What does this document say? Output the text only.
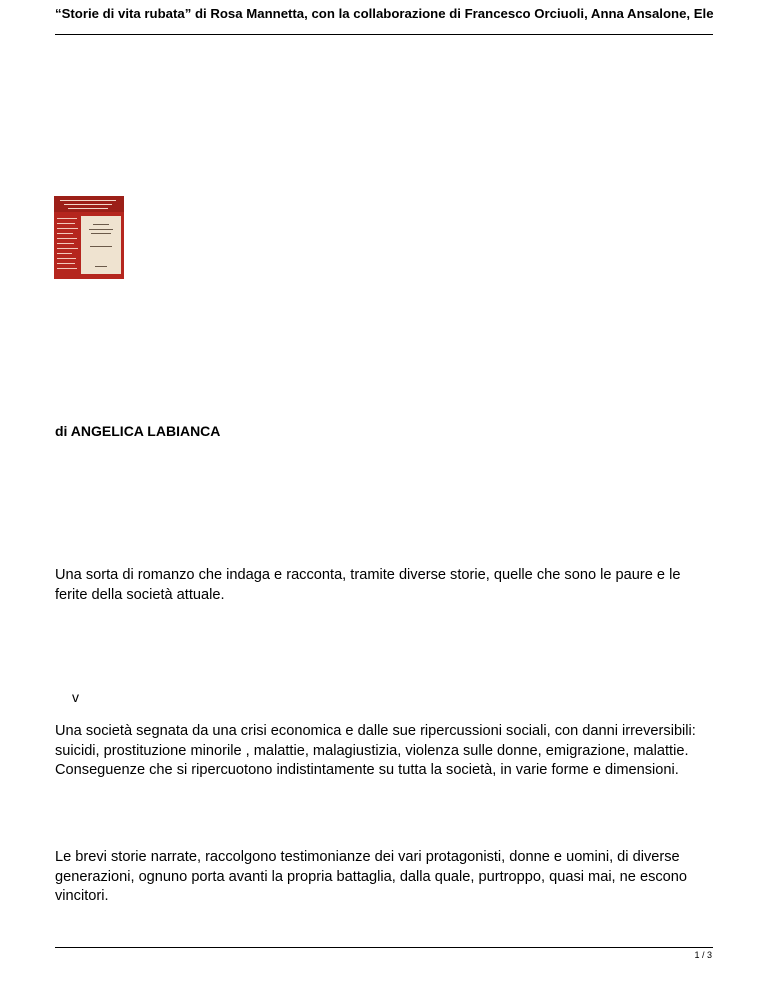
“Storie di vita rubata” di Rosa Mannetta, con la collaborazione di Francesco Orciuoli, Anna Ansalone, Ele
di ANGELICA LABIANCA

Una sorta di romanzo che indaga e racconta, tramite diverse storie, quelle che sono le paure e le ferite della società attuale.

v

Una società segnata da una crisi economica e dalle sue ripercussioni sociali, con danni irreversibili: suicidi, prostituzione minorile , malattie, malagiustizia, violenza sulle donne, emigrazione, malattie. Conseguenze che si ripercuotono indistintamente su tutta la società, in varie forme e dimensioni.

Le brevi storie narrate, raccolgono testimonianze dei vari protagonisti, donne e uomini, di diverse generazioni, ognuno porta avanti la propria battaglia, dalla quale, purtroppo, quasi mai, ne escono vincitori.

1 / 3
